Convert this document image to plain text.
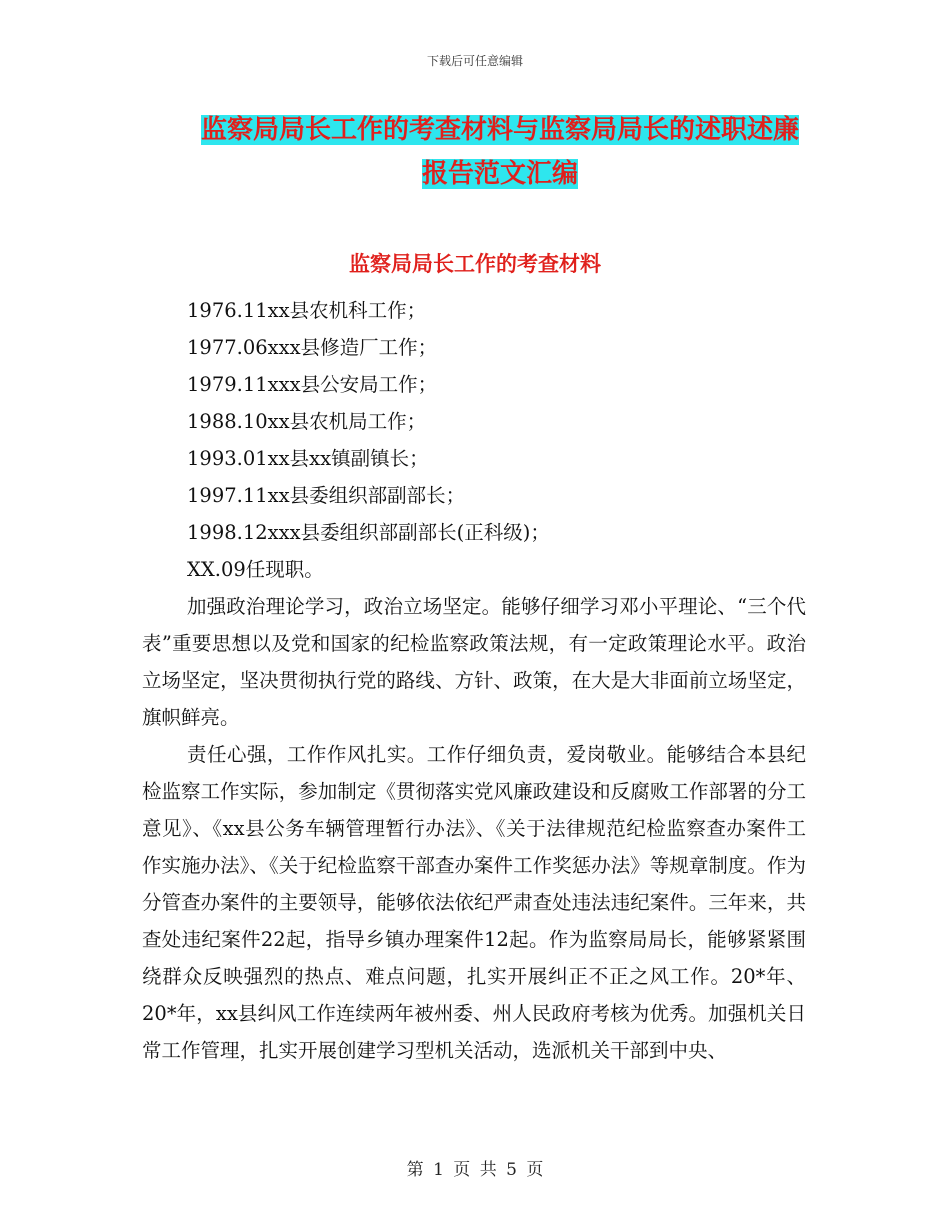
下载后可任意编辑
监察局局长工作的考查材料与监察局局长的述职述廉
报告范文汇编
监察局局长工作的考查材料
1976.11xx县农机科工作；
1977.06xxx县修造厂工作；
1979.11xxx县公安局工作；
1988.10xx县农机局工作；
1993.01xx县xx镇副镇长；
1997.11xx县委组织部副部长；
1998.12xxx县委组织部副部长(正科级)；
XX.09任现职。

加强政治理论学习，政治立场坚定。能够仔细学习邓小平理论、“三个代表”重要思想以及党和国家的纪检监察政策法规，有一定政策理论水平。政治立场坚定，坚决贯彻执行党的路线、方针、政策，在大是大非面前立场坚定，旗帜鲜亮。

责任心强，工作作风扎实。工作仔细负责，爱岗敬业。能够结合本县纪检监察工作实际，参加制定《贯彻落实党风廉政建设和反腐败工作部署的分工意见》、《xx县公务车辆管理暂行办法》、《关于法律规范纪检监察查办案件工作实施办法》、《关于纪检监察干部查办案件工作奖惩办法》等规章制度。作为分管查办案件的主要领导，能够依法依纪严肃查处违法违纪案件。三年来，共查处违纪案件22起，指导乡镇办理案件12起。作为监察局局长，能够紧紧围绕群众反映强烈的热点、难点问题，扎实开展纠正不正之风工作。20*年、20*年，xx县纠风工作连续两年被州委、州人民政府考核为优秀。加强机关日常工作管理，扎实开展创建学习型机关活动，选派机关干部到中央、

第 1 页 共 5 页
